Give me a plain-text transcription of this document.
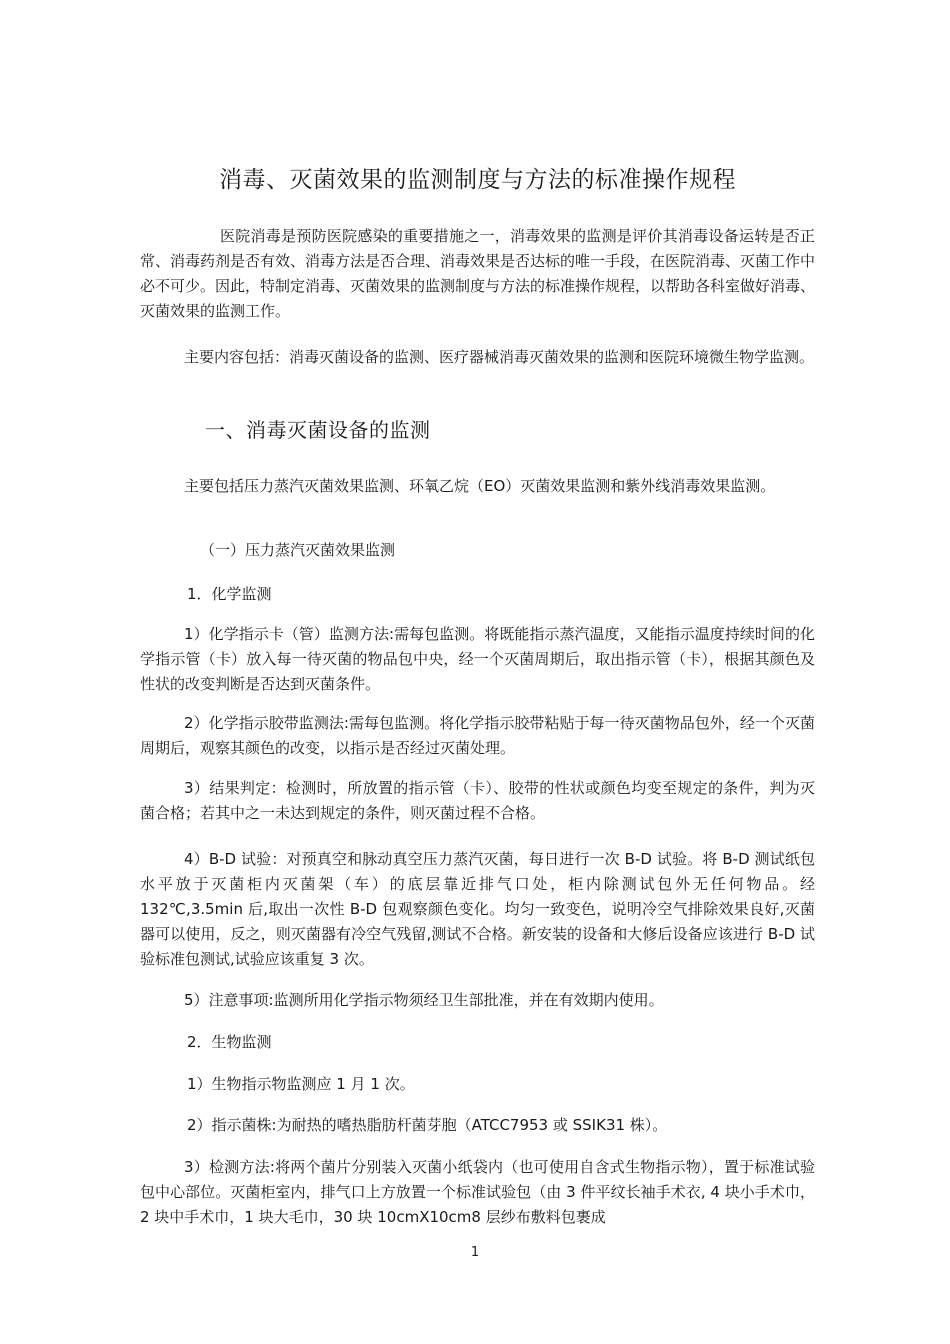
消毒、灭菌效果的监测制度与方法的标准操作规程
医院消毒是预防医院感染的重要措施之一，消毒效果的监测是评价其消毒设备运转是否正常、消毒药剂是否有效、消毒方法是否合理、消毒效果是否达标的唯一手段，在医院消毒、灭菌工作中必不可少。因此，特制定消毒、灭菌效果的监测制度与方法的标准操作规程，以帮助各科室做好消毒、灭菌效果的监测工作。
主要内容包括：消毒灭菌设备的监测、医疗器械消毒灭菌效果的监测和医院环境微生物学监测。
一、消毒灭菌设备的监测
主要包括压力蒸汽灭菌效果监测、环氧乙烷（EO）灭菌效果监测和紫外线消毒效果监测。
（一）压力蒸汽灭菌效果监测
1．化学监测
1）化学指示卡（管）监测方法:需每包监测。将既能指示蒸汽温度，又能指示温度持续时间的化学指示管（卡）放入每一待灭菌的物品包中央，经一个灭菌周期后，取出指示管（卡），根据其颜色及性状的改变判断是否达到灭菌条件。
2）化学指示胶带监测法:需每包监测。将化学指示胶带粘贴于每一待灭菌物品包外，经一个灭菌周期后，观察其颜色的改变，以指示是否经过灭菌处理。
3）结果判定：检测时，所放置的指示管（卡）、胶带的性状或颜色均变至规定的条件，判为灭菌合格；若其中之一未达到规定的条件，则灭菌过程不合格。
4）B-D 试验：对预真空和脉动真空压力蒸汽灭菌，每日进行一次 B-D 试验。将 B-D 测试纸包水平放于灭菌柜内灭菌架（车）的底层靠近排气口处，柜内除测试包外无任何物品。经 132℃,3.5min 后,取出一次性 B-D 包观察颜色变化。均匀一致变色，说明冷空气排除效果良好,灭菌器可以使用，反之，则灭菌器有冷空气残留,测试不合格。新安装的设备和大修后设备应该进行 B-D 试验标准包测试,试验应该重复 3 次。
5）注意事项:监测所用化学指示物须经卫生部批准，并在有效期内使用。
2．生物监测
1）生物指示物监测应 1 月 1 次。
2）指示菌株:为耐热的嗜热脂肪杆菌芽胞（ATCC7953 或 SSIK31 株）。
3）检测方法:将两个菌片分别装入灭菌小纸袋内（也可使用自含式生物指示物），置于标准试验包中心部位。灭菌柜室内，排气口上方放置一个标准试验包（由 3 件平纹长袖手术衣, 4 块小手术巾，2 块中手术巾，1 块大毛巾，30 块 10cmX10cm8 层纱布敷料包裹成
1
